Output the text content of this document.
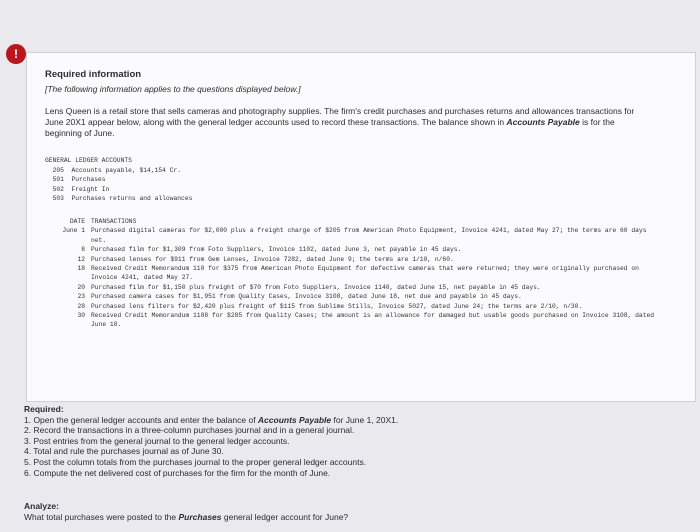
!
Required information
[The following information applies to the questions displayed below.]
Lens Queen is a retail store that sells cameras and photography supplies. The firm's credit purchases and purchases returns and allowances transactions for June 20X1 appear below, along with the general ledger accounts used to record these transactions. The balance shown in Accounts Payable is for the beginning of June.
GENERAL LEDGER ACCOUNTS
205 Accounts payable, $14,154 Cr.
501 Purchases
502 Freight In
503 Purchases returns and allowances
DATE TRANSACTIONS
June 1 Purchased digital cameras for $2,000 plus a freight charge of $205 from American Photo Equipment, Invoice 4241, dated May 27; the terms are 60 days net.
8 Purchased film for $1,309 from Foto Suppliers, Invoice 1102, dated June 3, net payable in 45 days.
12 Purchased lenses for $911 from Gem Lenses, Invoice 7282, dated June 9; the terms are 1/10, n/60.
18 Received Credit Memorandum 110 for $375 from American Photo Equipment for defective cameras that were returned; they were originally purchased on Invoice 4241, dated May 27.
20 Purchased film for $1,150 plus freight of $70 from Foto Suppliers, Invoice 1140, dated June 15, net payable in 45 days.
23 Purchased camera cases for $1,951 from Quality Cases, Invoice 3108, dated June 18, net due and payable in 45 days.
28 Purchased lens filters for $2,420 plus freight of $115 from Sublime Stills, Invoice 5027, dated June 24; the terms are 2/10, n/30.
30 Received Credit Memorandum 1108 for $285 from Quality Cases; the amount is an allowance for damaged but usable goods purchased on Invoice 3108, dated June 18.
Required:
1. Open the general ledger accounts and enter the balance of Accounts Payable for June 1, 20X1.
2. Record the transactions in a three-column purchases journal and in a general journal.
3. Post entries from the general journal to the general ledger accounts.
4. Total and rule the purchases journal as of June 30.
5. Post the column totals from the purchases journal to the proper general ledger accounts.
6. Compute the net delivered cost of purchases for the firm for the month of June.
Analyze:
What total purchases were posted to the Purchases general ledger account for June?
